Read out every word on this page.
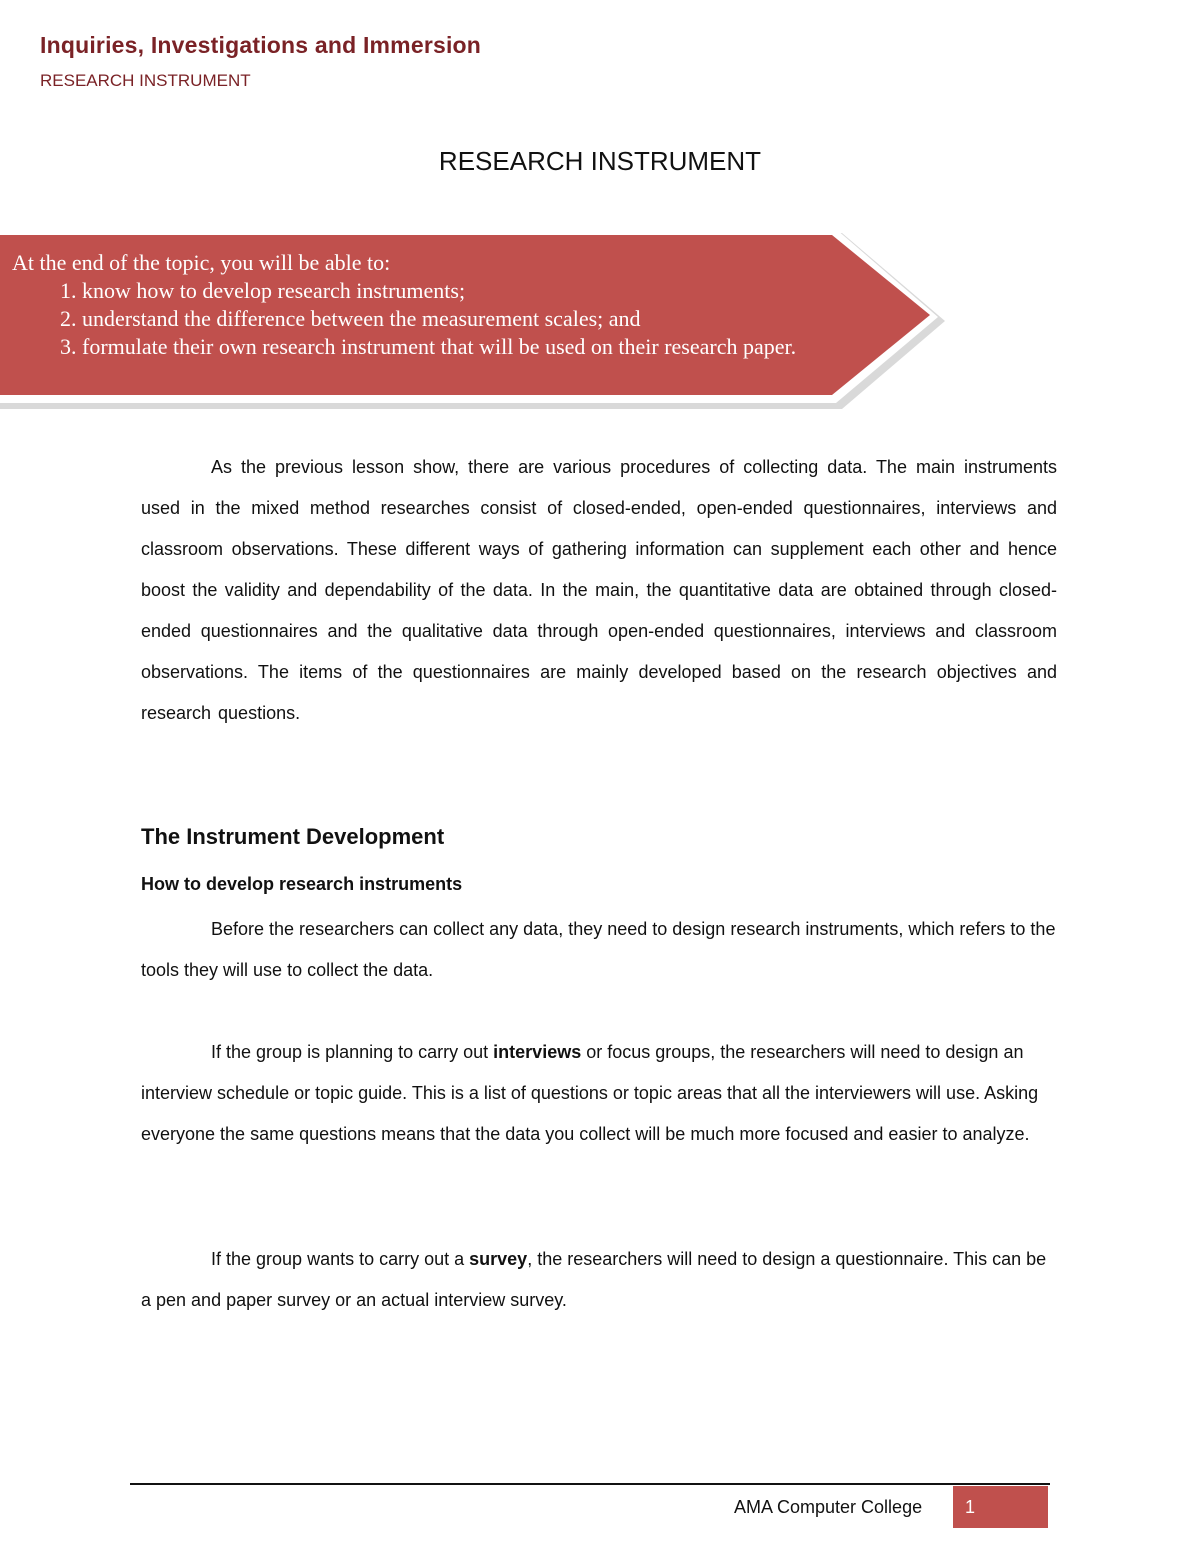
Inquiries, Investigations and Immersion
RESEARCH INSTRUMENT
RESEARCH INSTRUMENT
At the end of the topic, you will be able to:
1. know how to develop research instruments;
2. understand the difference between the measurement scales; and
3. formulate their own research instrument that will be used on their research paper.
As the previous lesson show, there are various procedures of collecting data. The main instruments used in the mixed method researches consist of closed-ended, open-ended questionnaires, interviews and classroom observations. These different ways of gathering information can supplement each other and hence boost the validity and dependability of the data. In the main, the quantitative data are obtained through closed-ended questionnaires and the qualitative data through open-ended questionnaires, interviews and classroom observations. The items of the questionnaires are mainly developed based on the research objectives and research questions.
The Instrument Development
How to develop research instruments
Before the researchers can collect any data, they need to design research instruments, which refers to the tools they will use to collect the data.
If the group is planning to carry out interviews or focus groups, the researchers will need to design an interview schedule or topic guide. This is a list of questions or topic areas that all the interviewers will use. Asking everyone the same questions means that the data you collect will be much more focused and easier to analyze.
If the group wants to carry out a survey, the researchers will need to design a questionnaire. This can be a pen and paper survey or an actual interview survey.
AMA Computer College 1
